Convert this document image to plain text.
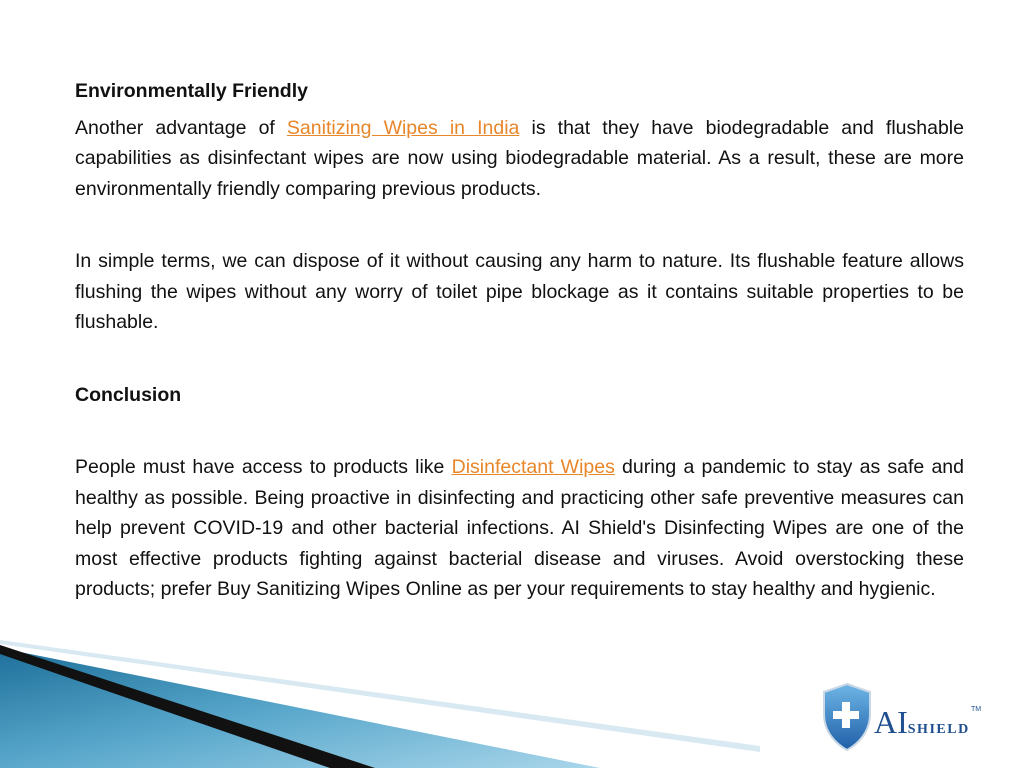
Environmentally Friendly

Another advantage of Sanitizing Wipes in India is that they have biodegradable and flushable capabilities as disinfectant wipes are now using biodegradable material. As a result, these are more environmentally friendly comparing previous products.

In simple terms, we can dispose of it without causing any harm to nature. Its flushable feature allows flushing the wipes without any worry of toilet pipe blockage as it contains suitable properties to be flushable.

Conclusion

People must have access to products like Disinfectant Wipes during a pandemic to stay as safe and healthy as possible. Being proactive in disinfecting and practicing other safe preventive measures can help prevent COVID-19 and other bacterial infections. AI Shield's Disinfecting Wipes are one of the most effective products fighting against bacterial disease and viruses. Avoid overstocking these products; prefer Buy Sanitizing Wipes Online as per your requirements to stay healthy and hygienic.

AISHIELD
TM
